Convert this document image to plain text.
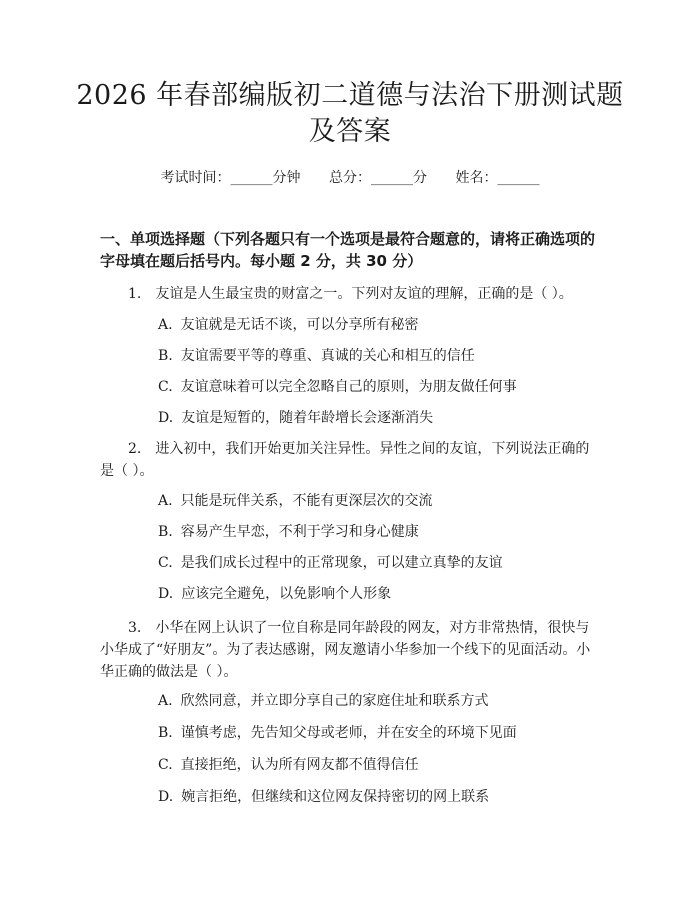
2026 年春部编版初二道德与法治下册测试题
及答案
考试时间：______分钟 总分：______分 姓名：______
一、单项选择题（下列各题只有一个选项是最符合题意的，请将正确选项的字母填在题后括号内。每小题 2 分，共 30 分）
1. 友谊是人生最宝贵的财富之一。下列对友谊的理解，正确的是（ ）。
A. 友谊就是无话不谈，可以分享所有秘密
B. 友谊需要平等的尊重、真诚的关心和相互的信任
C. 友谊意味着可以完全忽略自己的原则，为朋友做任何事
D. 友谊是短暂的，随着年龄增长会逐渐消失
2. 进入初中，我们开始更加关注异性。异性之间的友谊，下列说法正确的是（ ）。
A. 只能是玩伴关系，不能有更深层次的交流
B. 容易产生早恋，不利于学习和身心健康
C. 是我们成长过程中的正常现象，可以建立真挚的友谊
D. 应该完全避免，以免影响个人形象
3. 小华在网上认识了一位自称是同年龄段的网友，对方非常热情，很快与小华成了“好朋友”。为了表达感谢，网友邀请小华参加一个线下的见面活动。小华正确的做法是（ ）。
A. 欣然同意，并立即分享自己的家庭住址和联系方式
B. 谨慎考虑，先告知父母或老师，并在安全的环境下见面
C. 直接拒绝，认为所有网友都不值得信任
D. 婉言拒绝，但继续和这位网友保持密切的网上联系
